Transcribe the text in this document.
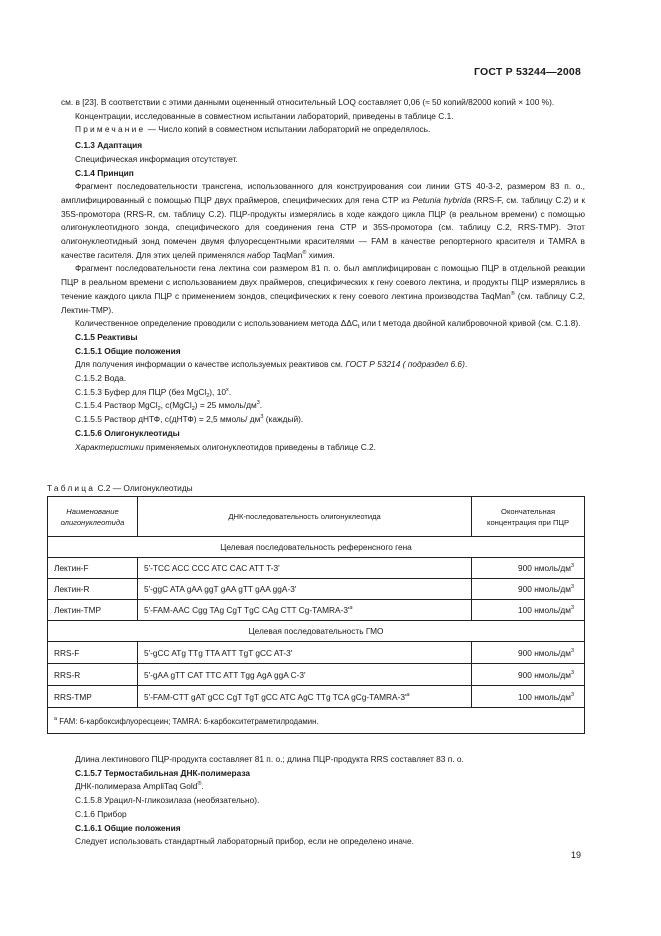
ГОСТ Р 53244—2008

см. в [23]. В соответствии с этими данными оцененный относительный LOQ составляет 0,06 (≈ 50 копий/82000 копий × 100 %).

Концентрации, исследованные в совместном испытании лабораторий, приведены в таблице C.1.

Примечание — Число копий в совместном испытании лабораторий не определялось.

C.1.3 Адаптация

Специфическая информация отсутствует.

C.1.4 Принцип

Фрагмент последовательности трансгена, использованного для конструирования сои линии GTS 40-3-2, размером 83 п. о., амплифицированный с помощью ПЦР двух праймеров, специфических для гена CTP из Petunia hybrida (RRS-F, см. таблицу C.2) и к 35S-промотора (RRS-R, см. таблицу C.2). ПЦР-продукты измерялись в ходе каждого цикла ПЦР (в реальном времени) с помощью олигонуклеотидного зонда, специфического для соединения гена CTP и 35S-промотора (см. таблицу C.2, RRS-TMP). Этот олигонуклеотидный зонд помечен двумя флуоресцентными красителями — FAM в качестве репортерного красителя и TAMRA в качестве гасителя. Для этих целей применялся набор TaqMan® химия.

Фрагмент последовательности гена лектина сои размером 81 п. о. был амплифицирован с помощью ПЦР в отдельной реакции ПЦР в реальном времени с использованием двух праймеров, специфических к гену соевого лектина, и продукты ПЦР измерялись в течение каждого цикла ПЦР с применением зондов, специфических к гену соевого лектина производства TaqMan® (см. таблицу C.2, Лектин-TMP).

Количественное определение проводили с использованием метода $\Delta\Delta C_t$ или t метода двойной калибровочной кривой (см. C.1.8).

C.1.5 Реактивы

C.1.5.1 Общие положения

Для получения информации о качестве используемых реактивов см. ГОСТ Р 53214 ( подраздел 6.6).

C.1.5.2 Вода.

C.1.5.3 Буфер для ПЦР (без MgCl$_2$), 10$^x$.

C.1.5.4 Раствор MgCl$_2$, c(MgCl$_2$) = 25 ммоль/$дм^3$.

C.1.5.5 Раствор дНТФ, с(дНТФ) = 2,5 ммоль/ $дм^3$ (каждый).

C.1.5.6 Олигонуклеотиды

Характеристики применяемых олигонуклеотидов приведены в таблице C.2.

Таблица C.2 — Олигонуклеотиды
Наименование олигонуклеотида	ДНК-последовательность олигонуклеотида	Окончательная концентрация при ПЦР
Целевая последовательность референсного гена		
Лектин-F	5'-TCC ACC CCC ATC CAC ATT T-3'	900 нмоль/$дм^3$
Лектин-R	5'-ggC ATA gAA ggT gAA gTT gAA ggA-3'	900 нмоль/$дм^3$
Лектин-TMP	5'-FAM-AAC Cgg TAg CgT TgC CAg CTT $Cg-TAMRA-3'^a$	100 нмоль/$дм^3$
Целевая последовательность ГМО		
RRS-F	5'-gCC ATg TTg TTA ATT TgT gCC AT-3'	900 нмоль/$дм^3$
RRS-R	5'-gAA gTT CAT TTC ATT Tgg AgA ggA C-3'	900 нмоль/$дм^3$
RRS-TMP	5'-FAM-CTT gAT gCC CgT TgT gCC ATC AgC TTg TCA gCg-$TAMRA-3'^a$	100 нмоль/$дм^3$
$^a$ FAM: 6-карбоксифлуоресцеин; TAMRA: 6-карбокситетраметилродамин.		

Длина лектинового ПЦР-продукта составляет 81 п. о.; длина ПЦР-продукта RRS составляет 83 п. о.

C.1.5.7 Термостабильная ДНК-полимераза

ДНК-полимераза AmpliTaq Gold®.

C.1.5.8 Урацил-N-гликозилаза (необязательно).

C.1.6 Прибор

C.1.6.1 Общие положения

Следует использовать стандартный лабораторный прибор, если не определено иначе.

19
